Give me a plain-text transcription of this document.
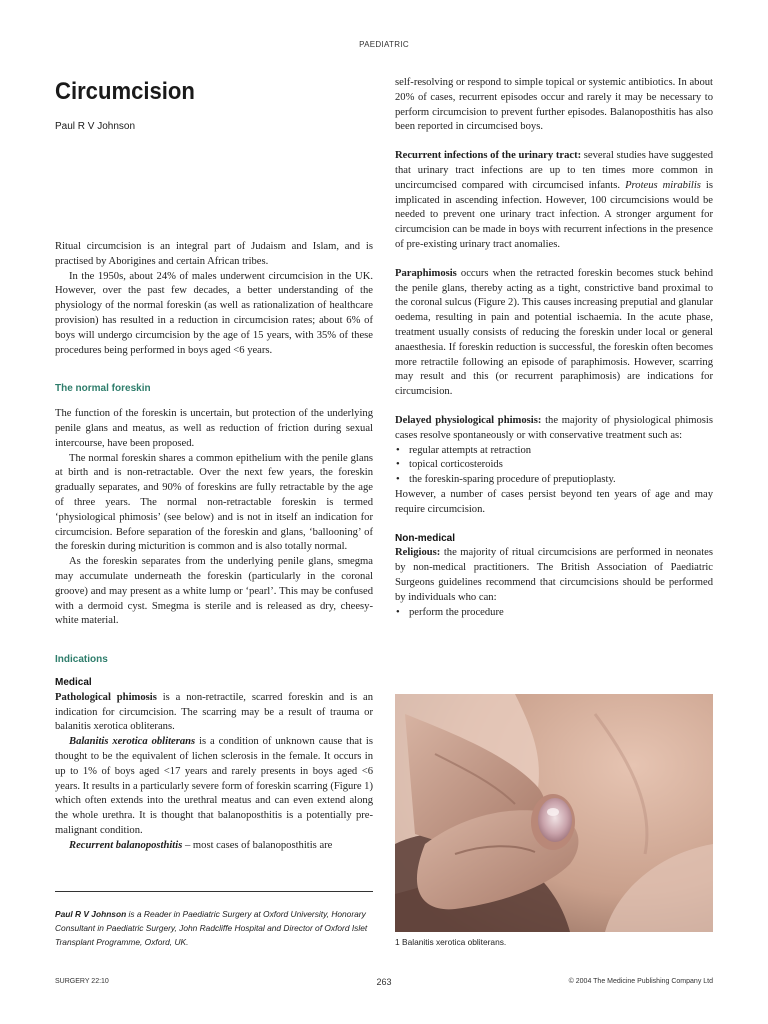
PAEDIATRIC
Circumcision
Paul R V Johnson

Ritual circumcision is an integral part of Judaism and Islam, and is practised by Aborigines and certain African tribes.

In the 1950s, about 24% of males underwent circumcision in the UK. However, over the past few decades, a better understanding of the physiology of the normal foreskin (as well as rationalization of healthcare provision) has resulted in a reduction in circumcision rates; about 6% of boys will undergo circumcision by the age of 15 years, with 35% of these procedures being performed in boys aged <6 years.

The normal foreskin

The function of the foreskin is uncertain, but protection of the underlying penile glans and meatus, as well as reduction of friction during sexual intercourse, have been proposed.

The normal foreskin shares a common epithelium with the penile glans at birth and is non-retractable. Over the next few years, the foreskin gradually separates, and 90% of foreskins are fully retractable by the age of three years. The normal non-retractable foreskin is termed ‘physiological phimosis’ (see below) and is not in itself an indication for circumcision. Before separation of the foreskin and glans, ‘ballooning’ of the foreskin during micturition is common and is also totally normal.

As the foreskin separates from the underlying penile glans, smegma may accumulate underneath the foreskin (particularly in the coronal groove) and may present as a white lump or ‘pearl’. This may be confused with a dermoid cyst. Smegma is sterile and is released as dry, cheesy-white material.

Indications

Medical

Pathological phimosis is a non-retractile, scarred foreskin and is an indication for circumcision. The scarring may be a result of trauma or balanitis xerotica obliterans.

Balanitis xerotica obliterans is a condition of unknown cause that is thought to be the equivalent of lichen sclerosis in the female. It occurs in up to 1% of boys aged <17 years and rarely presents in boys aged <6 years. It results in a particularly severe form of foreskin scarring (Figure 1) which often extends into the urethral meatus and can even extend along the whole urethra. It is thought that balanoposthitis is a potentially pre-malignant condition.

Recurrent balanoposthitis – most cases of balanoposthitis are

Paul R V Johnson is a Reader in Paediatric Surgery at Oxford University, Honorary Consultant in Paediatric Surgery, John Radcliffe Hospital and Director of Oxford Islet Transplant Programme, Oxford, UK.

self-resolving or respond to simple topical or systemic antibiotics. In about 20% of cases, recurrent episodes occur and rarely it may be necessary to perform circumcision to prevent further episodes. Balanoposthitis has also been reported in circumcised boys.

Recurrent infections of the urinary tract: several studies have suggested that urinary tract infections are up to ten times more common in uncircumcised compared with circumcised infants. Proteus mirabilis is implicated in ascending infection. However, 100 circumcisions would be needed to prevent one urinary tract infection. A stronger argument for circumcision can be made in boys with recurrent infections in the presence of pre-existing urinary tract anomalies.

Paraphimosis occurs when the retracted foreskin becomes stuck behind the penile glans, thereby acting as a tight, constrictive band proximal to the coronal sulcus (Figure 2). This causes increasing preputial and glanular oedema, resulting in pain and potential ischaemia. In the acute phase, treatment usually consists of reducing the foreskin under local or general anaesthesia. If foreskin reduction is successful, the foreskin often becomes more retractile following an episode of paraphimosis. However, scarring may result and this (or recurrent paraphimosis) are indications for circumcision.

Delayed physiological phimosis: the majority of physiological phimosis cases resolve spontaneously or with conservative treatment such as:

• regular attempts at retraction
• topical corticosteroids
• the foreskin-sparing procedure of preputioplasty.

However, a number of cases persist beyond ten years of age and may require circumcision.

Non-medical

Religious: the majority of ritual circumcisions are performed in neonates by non-medical practitioners. The British Association of Paediatric Surgeons guidelines recommend that circumcisions should be performed by individuals who can:

• perform the procedure
1 Balanitis xerotica obliterans.
SURGERY 22:10	263	© 2004 The Medicine Publishing Company Ltd
